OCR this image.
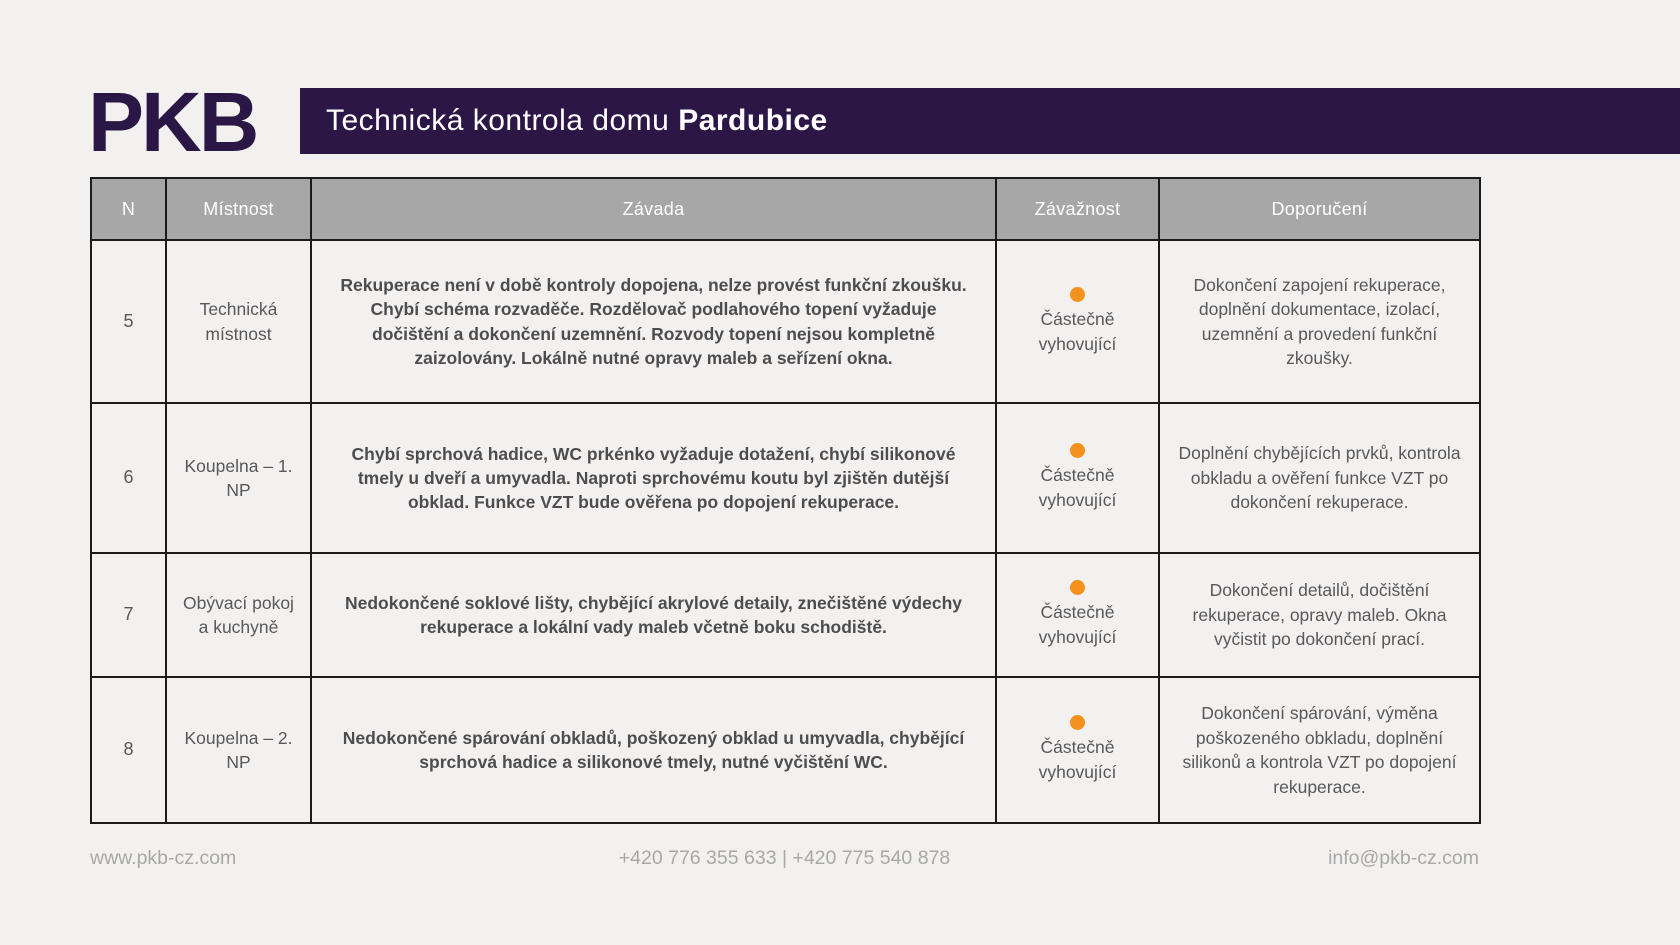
PKB Technická kontrola domu Pardubice
N	Místnost	Závada	Závažnost	Doporučení
5	Technická místnost	Rekuperace není v době kontroly dopojena, nelze provést funkční zkoušku. Chybí schéma rozvaděče. Rozdělovač podlahového topení vyžaduje dočištění a dokončení uzemnění. Rozvody topení nejsou kompletně zaizolovány. Lokálně nutné opravy maleb a seřízení okna.	Částečně vyhovující	Dokončení zapojení rekuperace, doplnění dokumentace, izolací, uzemnění a provedení funkční zkoušky.
6	Koupelna – 1. NP	Chybí sprchová hadice, WC prkénko vyžaduje dotažení, chybí silikonové tmely u dveří a umyvadla. Naproti sprchovému koutu byl zjištěn dutější obklad. Funkce VZT bude ověřena po dopojení rekuperace.	Částečně vyhovující	Doplnění chybějících prvků, kontrola obkladu a ověření funkce VZT po dokončení rekuperace.
7	Obývací pokoj a kuchyně	Nedokončené soklové lišty, chybějící akrylové detaily, znečištěné výdechy rekuperace a lokální vady maleb včetně boku schodiště.	Částečně vyhovující	Dokončení detailů, dočištění rekuperace, opravy maleb. Okna vyčistit po dokončení prací.
8	Koupelna – 2. NP	Nedokončené spárování obkladů, poškozený obklad u umyvadla, chybějící sprchová hadice a silikonové tmely, nutné vyčištění WC.	Částečně vyhovující	Dokončení spárování, výměna poškozeného obkladu, doplnění silikonů a kontrola VZT po dopojení rekuperace.
www.pkb-cz.com	+420 776 355 633 | +420 775 540 878	info@pkb-cz.com
